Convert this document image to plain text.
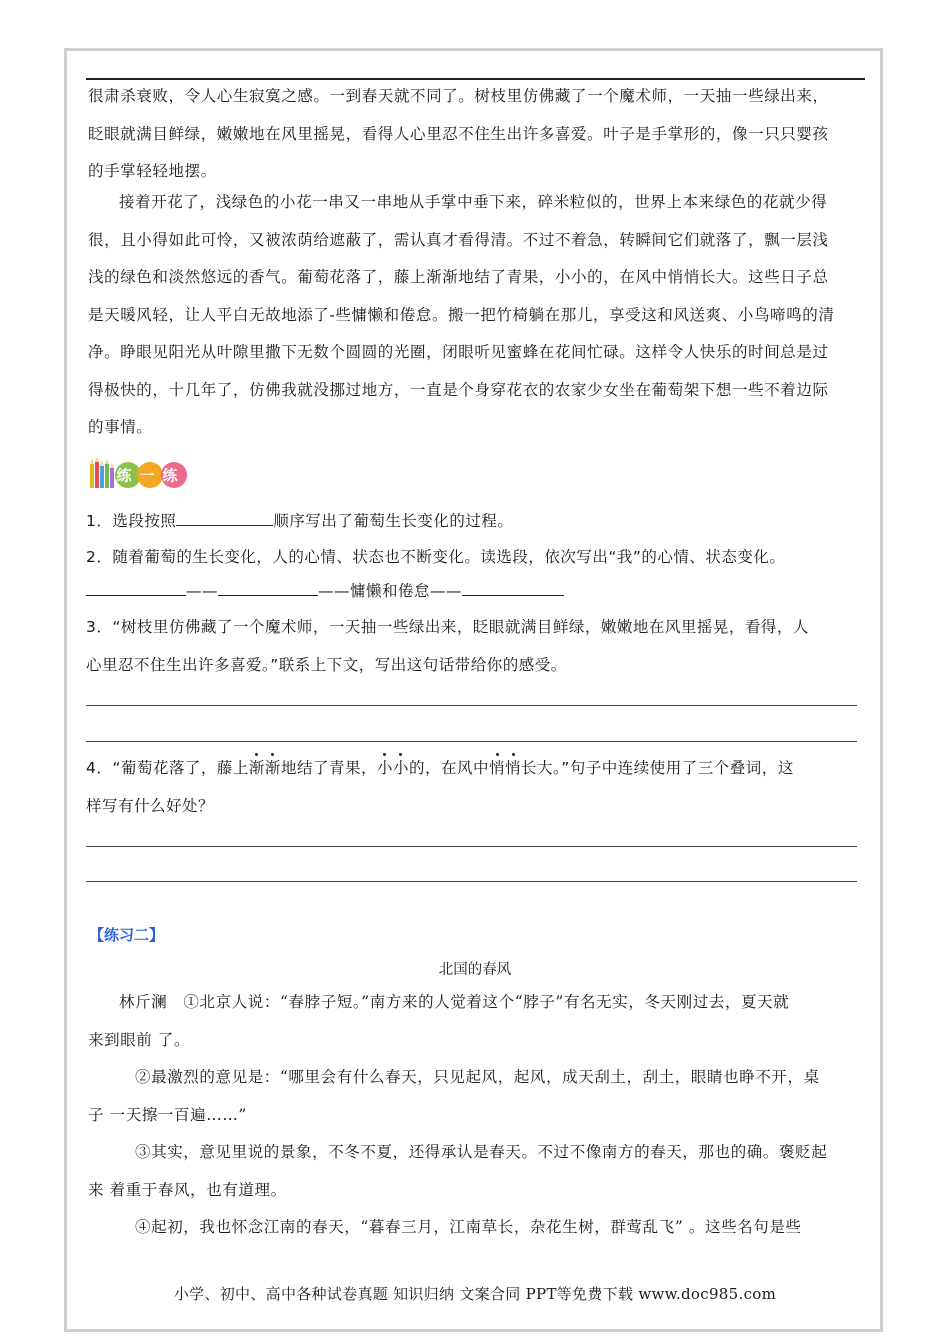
很肃杀衰败，令人心生寂寞之感。一到春天就不同了。树枝里仿佛藏了一个魔术师，一天抽一些绿出来，
眨眼就满目鲜绿，嫩嫩地在风里摇晃，看得人心里忍不住生出许多喜爱。叶子是手掌形的，像一只只婴孩
的手掌轻轻地摆。
接着开花了，浅绿色的小花一串又一串地从手掌中垂下来，碎米粒似的，世界上本来绿色的花就少得
很，且小得如此可怜，又被浓荫给遮蔽了，需认真才看得清。不过不着急，转瞬间它们就落了，飘一层浅
浅的绿色和淡然悠远的香气。葡萄花落了，藤上渐渐地结了青果，小小的，在风中悄悄长大。这些日子总
是天暖风轻，让人平白无故地添了-些慵懒和倦怠。搬一把竹椅躺在那儿，享受这和风送爽、小鸟啼鸣的清
净。睁眼见阳光从叶隙里撒下无数个圆圆的光圈，闭眼听见蜜蜂在花间忙碌。这样令人快乐的时间总是过
得极快的，十几年了，仿佛我就没挪过地方，一直是个身穿花衣的农家少女坐在葡萄架下想一些不着边际
的事情。
练一练
1．选段按照	顺序写出了葡萄生长变化的过程。
2．随着葡萄的生长变化，人的心情、状态也不断变化。读选段，依次写出“我”的心情、状态变化。
——	——慵懒和倦怠——
3．“树枝里仿佛藏了一个魔术师，一天抽一些绿出来，眨眼就满目鲜绿，嫩嫩地在风里摇晃，看得，人
心里忍不住生出许多喜爱。”联系上下文，写出这句话带给你的感受。
4．“葡萄花落了，藤上渐渐地结了青果，小小的，在风中悄悄长大。”句子中连续使用了三个叠词，这
样写有什么好处？
【练习二】
北国的春风
林斤澜　①北京人说：“春脖子短。”南方来的人觉着这个“脖子”有名无实，冬天刚过去，夏天就
来到眼前 了。
②最激烈的意见是：“哪里会有什么春天，只见起风，起风，成天刮土，刮土，眼睛也睁不开，桌
子 一天擦一百遍……”
③其实，意见里说的景象，不冬不夏，还得承认是春天。不过不像南方的春天，那也的确。褒贬起
来 着重于春风，也有道理。
④起初，我也怀念江南的春天，“暮春三月，江南草长，杂花生树，群莺乱飞” 。这些名句是些
小学、初中、高中各种试卷真题 知识归纳 文案合同 PPT等免费下载 www.doc985.com
